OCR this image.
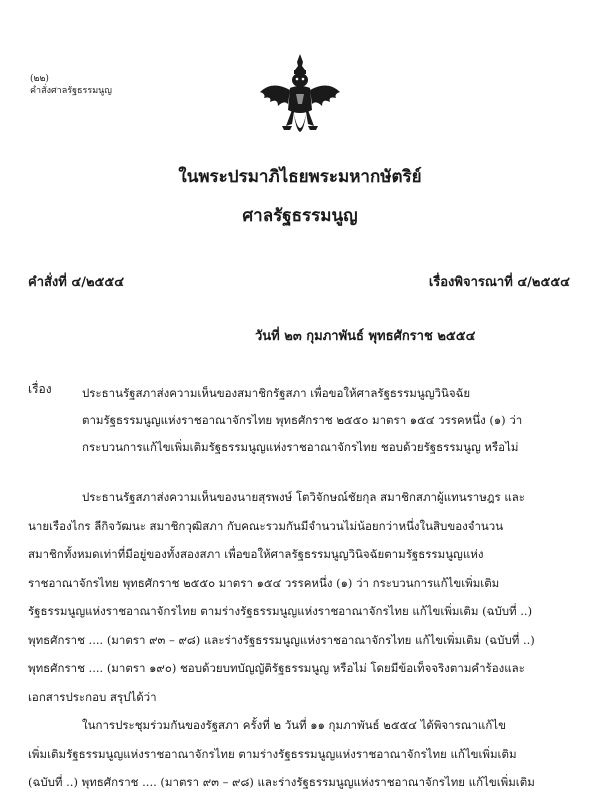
(๒๒)
คำสั่งศาลรัฐธรรมนูญ
ในพระปรมาภิไธยพระมหากษัตริย์
ศาลรัฐธรรมนูญ
คำสั่งที่ ๔/๒๕๕๔	เรื่องพิจารณาที่ ๔/๒๕๕๔
วันที่ ๒๓ กุมภาพันธ์ พุทธศักราช ๒๕๕๔
เรื่อง	ประธานรัฐสภาส่งความเห็นของสมาชิกรัฐสภา เพื่อขอให้ศาลรัฐธรรมนูญวินิจฉัย
ตามรัฐธรรมนูญแห่งราชอาณาจักรไทย พุทธศักราช ๒๕๕๐ มาตรา ๑๕๔ วรรคหนึ่ง (๑) ว่า
กระบวนการแก้ไขเพิ่มเติมรัฐธรรมนูญแห่งราชอาณาจักรไทย ชอบด้วยรัฐธรรมนูญ หรือไม่
ประธานรัฐสภาส่งความเห็นของนายสุรพงษ์ โตวิจักษณ์ชัยกุล สมาชิกสภาผู้แทนราษฎร และ
นายเรืองไกร ลีกิจวัฒนะ สมาชิกวุฒิสภา กับคณะรวมกันมีจำนวนไม่น้อยกว่าหนึ่งในสิบของจำนวน
สมาชิกทั้งหมดเท่าที่มีอยู่ของทั้งสองสภา เพื่อขอให้ศาลรัฐธรรมนูญวินิจฉัยตามรัฐธรรมนูญแห่ง
ราชอาณาจักรไทย พุทธศักราช ๒๕๕๐ มาตรา ๑๕๔ วรรคหนึ่ง (๑) ว่า กระบวนการแก้ไขเพิ่มเติม
รัฐธรรมนูญแห่งราชอาณาจักรไทย ตามร่างรัฐธรรมนูญแห่งราชอาณาจักรไทย แก้ไขเพิ่มเติม (ฉบับที่ ..)
พุทธศักราช .... (มาตรา ๙๓ – ๙๘) และร่างรัฐธรรมนูญแห่งราชอาณาจักรไทย แก้ไขเพิ่มเติม (ฉบับที่ ..)
พุทธศักราช .... (มาตรา ๑๙๐) ชอบด้วยบทบัญญัติรัฐธรรมนูญ หรือไม่ โดยมีข้อเท็จจริงตามคำร้องและ
เอกสารประกอบ สรุปได้ว่า
ในการประชุมร่วมกันของรัฐสภา ครั้งที่ ๒ วันที่ ๑๑ กุมภาพันธ์ ๒๕๕๔ ได้พิจารณาแก้ไข
เพิ่มเติมรัฐธรรมนูญแห่งราชอาณาจักรไทย ตามร่างรัฐธรรมนูญแห่งราชอาณาจักรไทย แก้ไขเพิ่มเติม
(ฉบับที่ ..) พุทธศักราช .... (มาตรา ๙๓ – ๙๘) และร่างรัฐธรรมนูญแห่งราชอาณาจักรไทย แก้ไขเพิ่มเติม
